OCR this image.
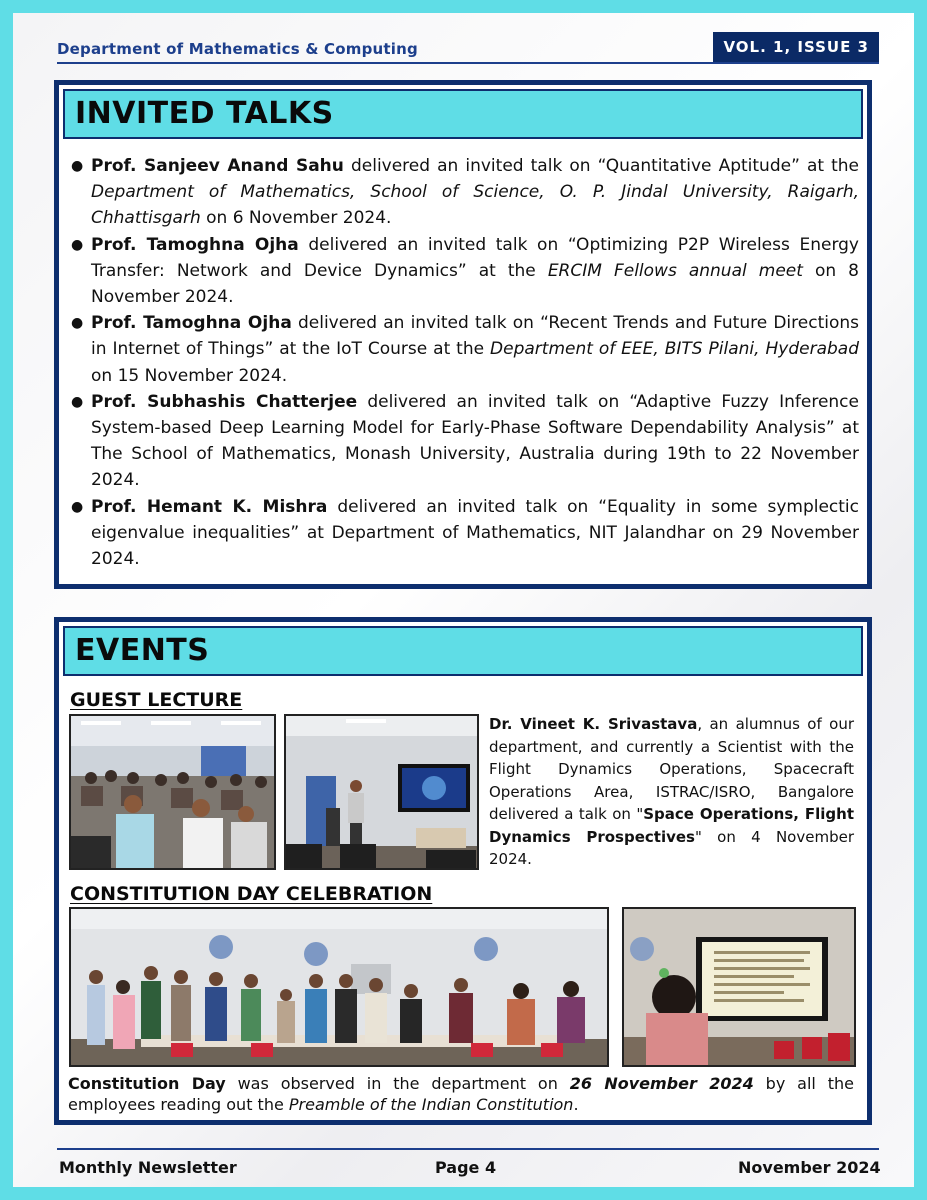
Department of Mathematics & Computing	VOL. 1, ISSUE 3
INVITED TALKS
● Prof. Sanjeev Anand Sahu delivered an invited talk on “Quantitative Aptitude” at the Department of Mathematics, School of Science, O. P. Jindal University, Raigarh, Chhattisgarh on 6 November 2024.
● Prof. Tamoghna Ojha delivered an invited talk on “Optimizing P2P Wireless Energy Transfer: Network and Device Dynamics” at the ERCIM Fellows annual meet on 8 November 2024.
● Prof. Tamoghna Ojha delivered an invited talk on “Recent Trends and Future Directions in Internet of Things” at the IoT Course at the Department of EEE, BITS Pilani, Hyderabad on 15 November 2024.
● Prof. Subhashis Chatterjee delivered an invited talk on “Adaptive Fuzzy Inference System-based Deep Learning Model for Early-Phase Software Dependability Analysis” at The School of Mathematics, Monash University, Australia during 19th to 22 November 2024.
● Prof. Hemant K. Mishra delivered an invited talk on “Equality in some symplectic eigenvalue inequalities” at Department of Mathematics, NIT Jalandhar on 29 November 2024.
EVENTS
GUEST LECTURE
Dr. Vineet K. Srivastava, an alumnus of our department, and currently a Scientist with the Flight Dynamics Operations, Spacecraft Operations Area, ISTRAC/ISRO, Bangalore delivered a talk on "Space Operations, Flight Dynamics Prospectives" on 4 November 2024.
CONSTITUTION DAY CELEBRATION
Constitution Day was observed in the department on 26 November 2024 by all the employees reading out the Preamble of the Indian Constitution.
Monthly Newsletter	Page 4	November 2024
